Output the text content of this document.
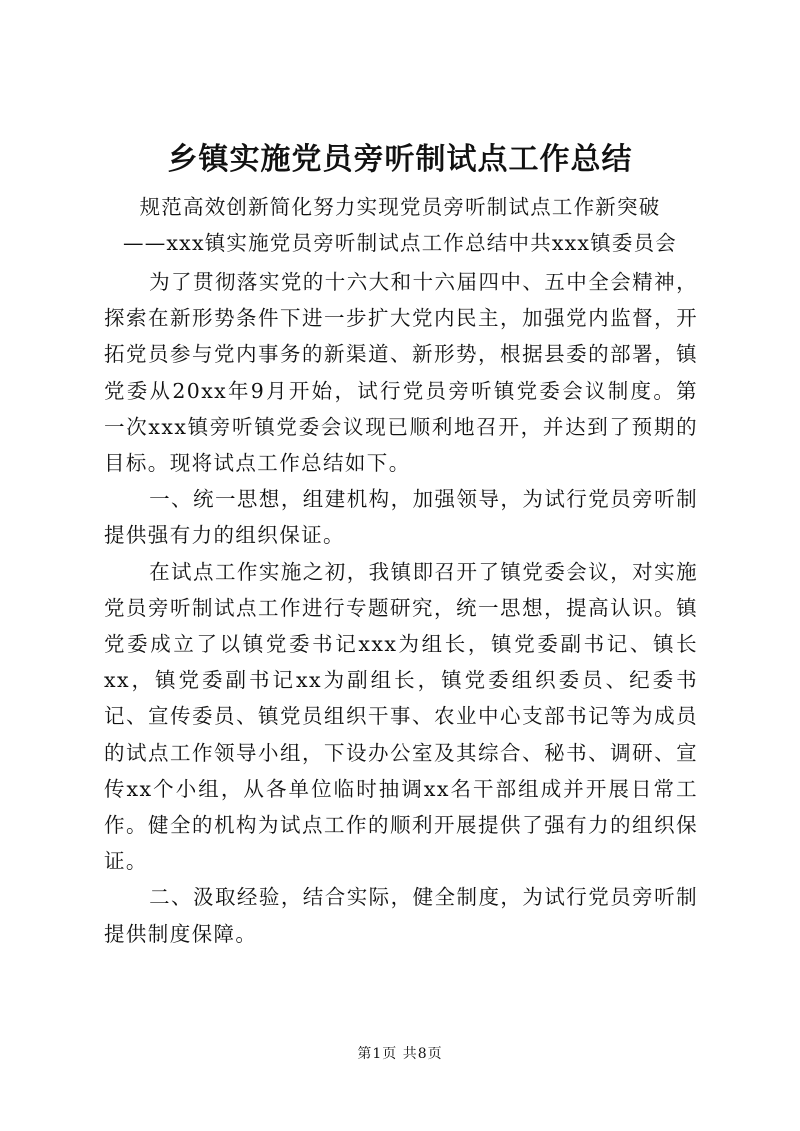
乡镇实施党员旁听制试点工作总结
规范高效创新简化努力实现党员旁听制试点工作新突破
——xxx镇实施党员旁听制试点工作总结中共xxx镇委员会

为了贯彻落实党的十六大和十六届四中、五中全会精神，探索在新形势条件下进一步扩大党内民主，加强党内监督，开拓党员参与党内事务的新渠道、新形势，根据县委的部署，镇党委从20xx年9月开始，试行党员旁听镇党委会议制度。第一次xxx镇旁听镇党委会议现已顺利地召开，并达到了预期的目标。现将试点工作总结如下。

一、统一思想，组建机构，加强领导，为试行党员旁听制提供强有力的组织保证。

在试点工作实施之初，我镇即召开了镇党委会议，对实施党员旁听制试点工作进行专题研究，统一思想，提高认识。镇党委成立了以镇党委书记xxx为组长，镇党委副书记、镇长xx，镇党委副书记xx为副组长，镇党委组织委员、纪委书记、宣传委员、镇党员组织干事、农业中心支部书记等为成员的试点工作领导小组，下设办公室及其综合、秘书、调研、宣传xx个小组，从各单位临时抽调xx名干部组成并开展日常工作。健全的机构为试点工作的顺利开展提供了强有力的组织保证。

二、汲取经验，结合实际，健全制度，为试行党员旁听制提供制度保障。

第1页 共8页
